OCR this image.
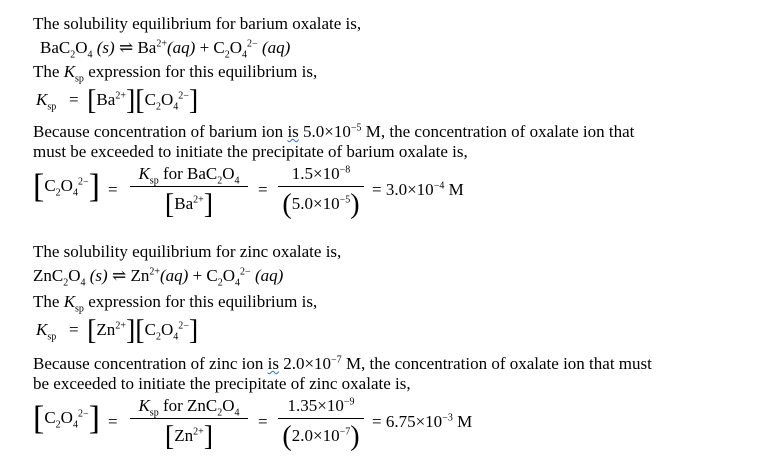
The solubility equilibrium for barium oxalate is,
$BaC_2O_4$ (s) ⇌ $Ba^{2+}(aq) + C_2O_4^{2-}$ (aq)
The $K_{sp}$ expression for this equilibrium is,
$K_{sp} = [Ba^{2+}][C_2O_4^{2-}]$
Because concentration of barium ion is $5.0\times 10^{-5}$ M, the concentration of oxalate ion that
must be exceeded to initiate the precipitate of barium oxalate is,
$[C_2O_4^{2-}]$ =
$K_{sp}$ for $BaC_2O_4$
$[Ba^{2+}]$	=
$1.5\times 10^{-8}$
$(5.0\times 10^{-5}) = 3.0\times 10^{-4}$ M
The solubility equilibrium for zinc oxalate is,
$ZnC_2O_4$ (s) ⇌ $Zn^{2+}(aq) + C_2O_4^{2-}$ (aq)
The $K_{sp}$ expression for this equilibrium is,
$K_{sp} = [Zn^{2+}][C_2O_4^{2-}]$
Because concentration of zinc ion is $2.0\times 10^{-7}$ M, the concentration of oxalate ion that must
be exceeded to initiate the precipitate of zinc oxalate is,
$[C_2O_4^{2-}]$ =
$K_{sp}$ for $ZnC_2O_4$
$[Zn^{2+}]$	=
$1.35\times 10^{-9}$
$(2.0\times 10^{-7}) = 6.75\times 10^{-3}$ M
